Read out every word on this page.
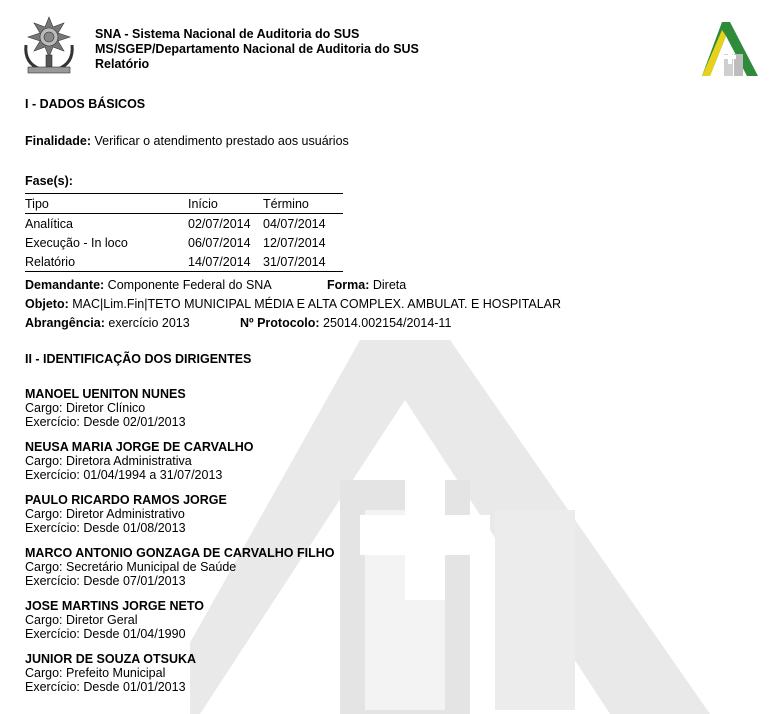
SNA - Sistema Nacional de Auditoria do SUS
MS/SGEP/Departamento Nacional de Auditoria do SUS
Relatório
I - DADOS BÁSICOS
Finalidade: Verificar o atendimento prestado aos usuários
Fase(s):
Tipo	Início	Término
Analítica	02/07/2014	04/07/2014
Execução - In loco	06/07/2014	12/07/2014
Relatório	14/07/2014	31/07/2014
Demandante: Componente Federal do SNA	Forma: Direta
Objeto: MAC|Lim.Fin|TETO MUNICIPAL MÉDIA E ALTA COMPLEX. AMBULAT. E HOSPITALAR
Abrangência: exercício 2013	Nº Protocolo: 25014.002154/2014-11
II - IDENTIFICAÇÃO DOS DIRIGENTES
MANOEL UENITON NUNES
Cargo: Diretor Clínico
Exercício: Desde 02/01/2013
NEUSA MARIA JORGE DE CARVALHO
Cargo: Diretora Administrativa
Exercício: 01/04/1994 a 31/07/2013
PAULO RICARDO RAMOS JORGE
Cargo: Diretor Administrativo
Exercício: Desde 01/08/2013
MARCO ANTONIO GONZAGA DE CARVALHO FILHO
Cargo: Secretário Municipal de Saúde
Exercício: Desde 07/01/2013
JOSE MARTINS JORGE NETO
Cargo: Diretor Geral
Exercício: Desde 01/04/1990
JUNIOR DE SOUZA OTSUKA
Cargo: Prefeito Municipal
Exercício: Desde 01/01/2013
